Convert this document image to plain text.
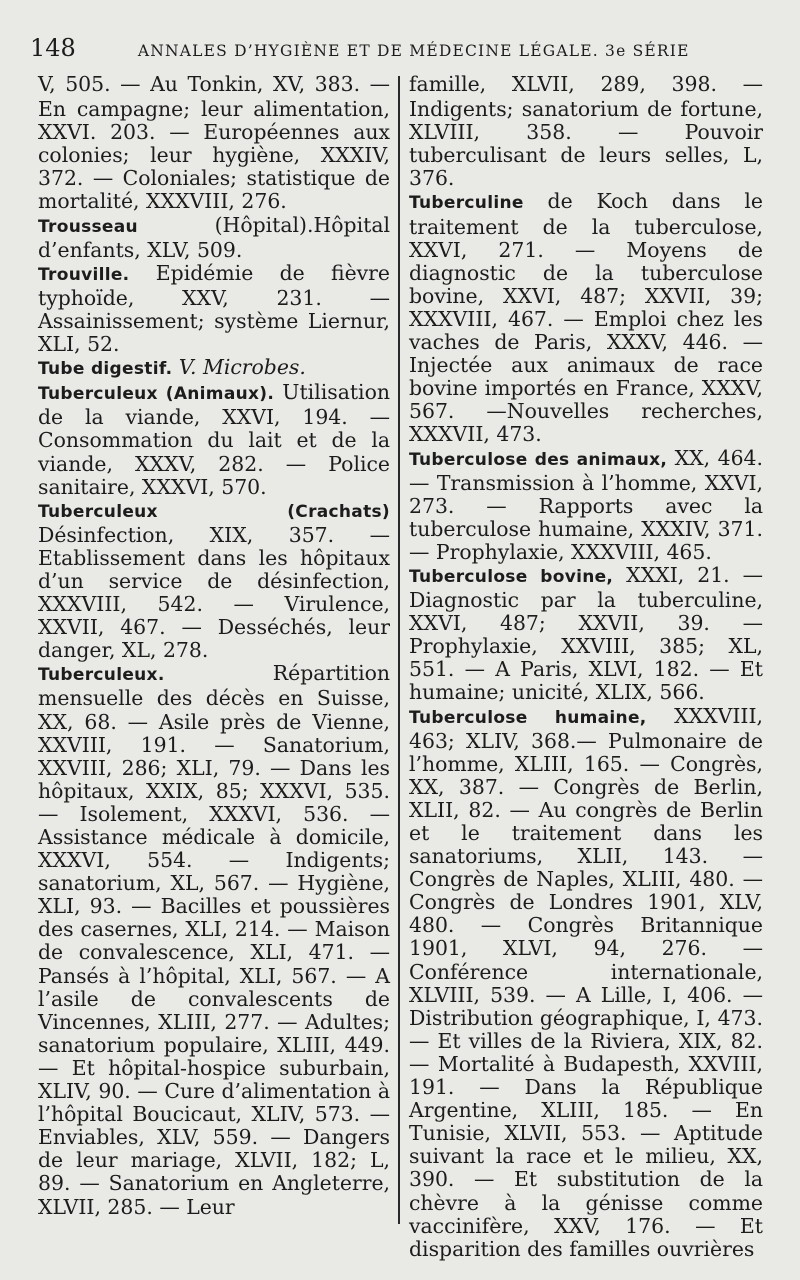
148	ANNALES D’HYGIÈNE ET DE MÉDECINE LÉGALE. 3e SÉRIE

V, 505. — Au Tonkin, XV, 383. —En campagne; leur alimentation, XXVI. 203. — Européennes aux colonies; leur hygiène, XXXIV, 372. — Coloniales; statistique de mortalité, XXXVIII, 276.

Trousseau	(Hôpital).Hôpital d’enfants, XLV, 509.

Trouville. Epidémie de fièvre typhoïde, XXV, 231. — Assainissement; système Liernur, XLI, 52.

Tube digestif. V. Microbes.

Tuberculeux (Animaux). Utilisation de la viande, XXVI, 194. — Consommation du lait et de la viande, XXXV, 282. — Police sanitaire, XXXVI, 570.

Tuberculeux (Crachats) Désinfection, XIX, 357. — Etablissement dans les hôpitaux d’un service de désinfection, XXXVIII, 542. — Virulence, XXVII, 467. — Desséchés, leur danger, XL, 278.

Tuberculeux.	Répartition mensuelle des décès en Suisse, XX, 68. — Asile près de Vienne, XXVIII, 191. — Sanatorium, XXVIII, 286; XLI, 79. — Dans les hôpitaux, XXIX, 85; XXXVI, 535. — Isolement, XXXVI, 536. — Assistance médicale à domicile, XXXVI, 554. — Indigents; sanatorium, XL, 567. — Hygiène, XLI, 93. — Bacilles et poussières des casernes, XLI, 214. — Maison de convalescence, XLI, 471. — Pansés à l’hôpital, XLI, 567. — A l’asile de convalescents de Vincennes, XLIII, 277. — Adultes; sanatorium populaire, XLIII, 449. — Et hôpital-hospice suburbain, XLIV, 90. — Cure d’alimentation à l’hôpital Boucicaut, XLIV, 573. — Enviables, XLV, 559. — Dangers de leur mariage, XLVII, 182; L, 89. — Sanatorium en Angleterre, XLVII, 285. — Leur

famille, XLVII, 289, 398. — Indigents; sanatorium de fortune, XLVIII, 358. — Pouvoir tuberculisant de leurs selles, L, 376.

Tuberculine de Koch dans le traitement de la tuberculose, XXVI, 271. — Moyens de diagnostic de la tuberculose bovine, XXVI, 487; XXVII, 39; XXXVIII, 467. — Emploi chez les vaches de Paris, XXXV, 446. — Injectée aux animaux de race bovine importés en France, XXXV, 567. —Nouvelles recherches, XXXVII, 473.

Tuberculose des animaux, XX, 464. — Transmission à l’homme, XXVI, 273. — Rapports avec la tuberculose humaine, XXXIV, 371. — Prophylaxie, XXXVIII, 465.

Tuberculose bovine, XXXI, 21. —Diagnostic par la tuberculine, XXVI, 487; XXVII, 39. — Prophylaxie, XXVIII, 385; XL, 551. — A Paris, XLVI, 182. — Et humaine; unicité, XLIX, 566.

Tuberculose humaine, XXXVIII, 463; XLIV, 368.— Pulmonaire de l’homme, XLIII, 165. — Congrès, XX, 387. — Congrès de Berlin, XLII, 82. — Au congrès de Berlin et le traitement dans les sanatoriums, XLII, 143. — Congrès de Naples, XLIII, 480. — Congrès de Londres 1901, XLV, 480. — Congrès Britannique 1901, XLVI, 94, 276. — Conférence internationale, XLVIII, 539. — A Lille, I, 406. — Distribution géographique, I, 473. — Et villes de la Riviera, XIX, 82. — Mortalité à Budapesth, XXVIII, 191. — Dans la République Argentine, XLIII, 185. — En Tunisie, XLVII, 553. — Aptitude suivant la race et le milieu, XX, 390. — Et substitution de la chèvre à la génisse comme vaccinifère, XXV, 176. — Et disparition des familles ouvrières
